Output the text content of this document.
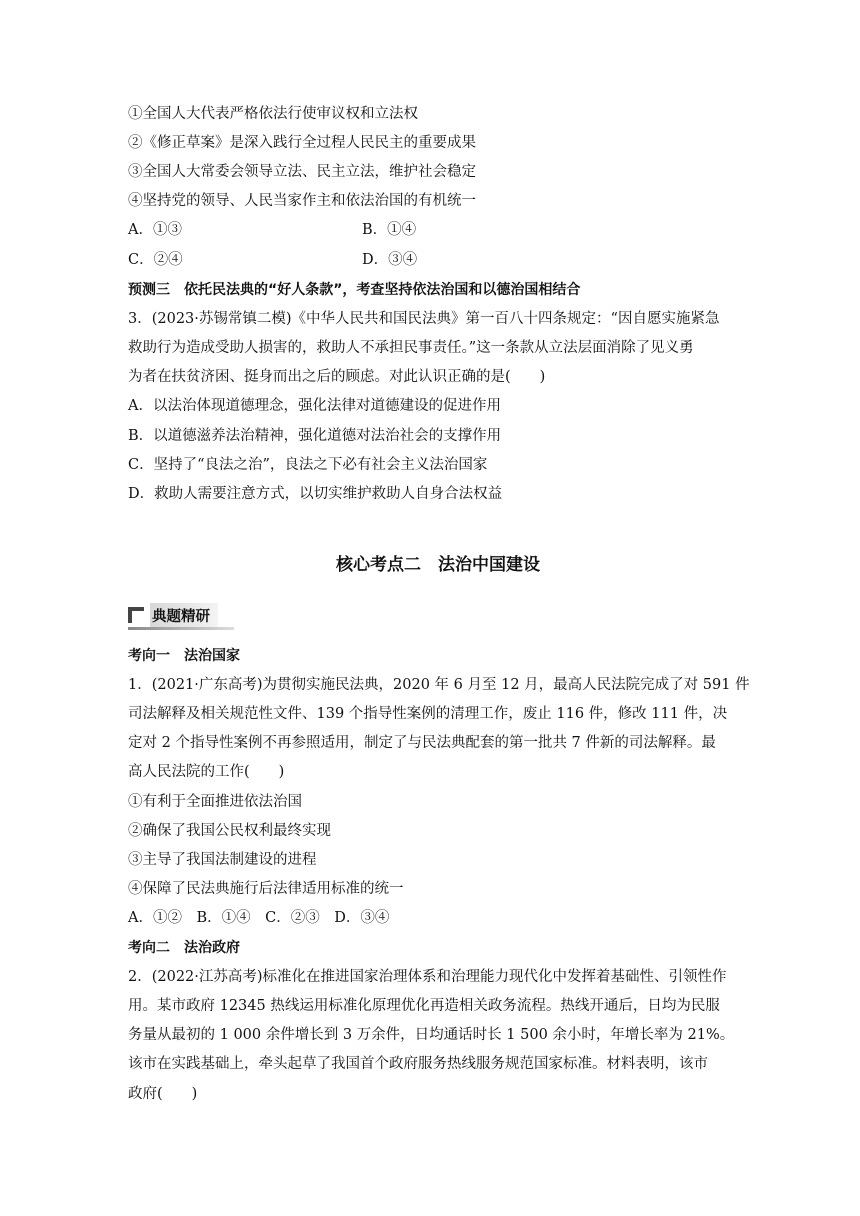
①全国人大代表严格依法行使审议权和立法权
②《修正草案》是深入践行全过程人民民主的重要成果
③全国人大常委会领导立法、民主立法，维护社会稳定
④坚持党的领导、人民当家作主和依法治国的有机统一
A．①③	B．①④
C．②④	D．③④
预测三　依托民法典的“好人条款”，考查坚持依法治国和以德治国相结合
3．(2023·苏锡常镇二模)《中华人民共和国民法典》第一百八十四条规定：“因自愿实施紧急
救助行为造成受助人损害的，救助人不承担民事责任。”这一条款从立法层面消除了见义勇
为者在扶贫济困、挺身而出之后的顾虑。对此认识正确的是(　　)
A．以法治体现道德理念，强化法律对道德建设的促进作用
B．以道德滋养法治精神，强化道德对法治社会的支撑作用
C．坚持了“良法之治”，良法之下必有社会主义法治国家
D．救助人需要注意方式，以切实维护救助人自身合法权益
核心考点二　法治中国建设
典题精研
考向一　法治国家
1．(2021·广东高考)为贯彻实施民法典，2020 年 6 月至 12 月，最高人民法院完成了对 591 件
司法解释及相关规范性文件、139 个指导性案例的清理工作，废止 116 件，修改 111 件，决
定对 2 个指导性案例不再参照适用，制定了与民法典配套的第一批共 7 件新的司法解释。最
高人民法院的工作(　　)
①有利于全面推进依法治国
②确保了我国公民权利最终实现
③主导了我国法制建设的进程
④保障了民法典施行后法律适用标准的统一
A．①②　B．①④　C．②③　D．③④
考向二　法治政府
2．(2022·江苏高考)标准化在推进国家治理体系和治理能力现代化中发挥着基础性、引领性作
用。某市政府 12345 热线运用标准化原理优化再造相关政务流程。热线开通后，日均为民服
务量从最初的 1 000 余件增长到 3 万余件，日均通话时长 1 500 余小时，年增长率为 21%。
该市在实践基础上，牵头起草了我国首个政府服务热线服务规范国家标准。材料表明，该市
政府(　　)
